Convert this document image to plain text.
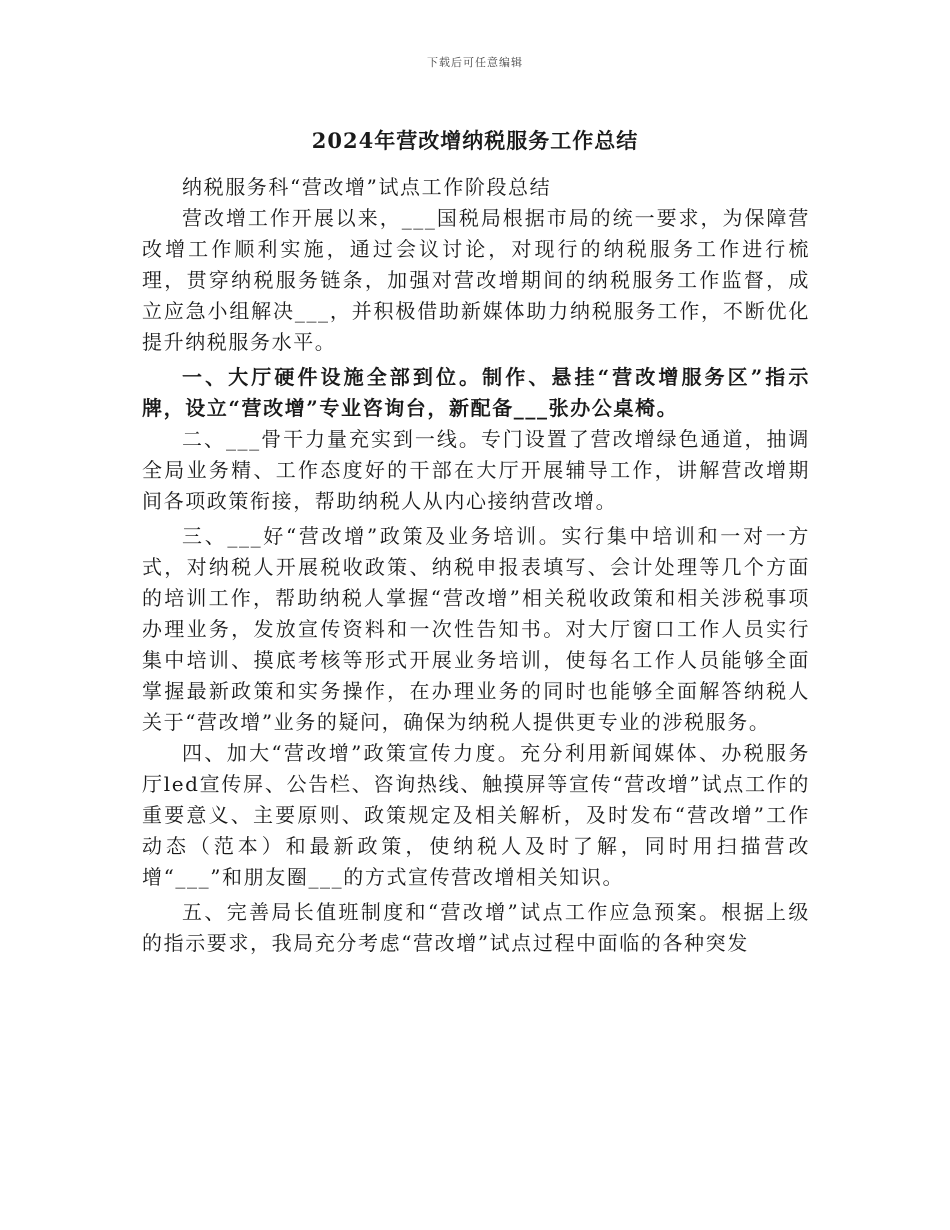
下载后可任意编辑
2024年营改增纳税服务工作总结

纳税服务科“营改增”试点工作阶段总结

营改增工作开展以来，___国税局根据市局的统一要求，为保障营改增工作顺利实施，通过会议讨论，对现行的纳税服务工作进行梳理，贯穿纳税服务链条，加强对营改增期间的纳税服务工作监督，成立应急小组解决___，并积极借助新媒体助力纳税服务工作，不断优化提升纳税服务水平。

一、大厅硬件设施全部到位。制作、悬挂“营改增服务区”指示牌，设立“营改增”专业咨询台，新配备___张办公桌椅。

二、___骨干力量充实到一线。专门设置了营改增绿色通道，抽调全局业务精、工作态度好的干部在大厅开展辅导工作，讲解营改增期间各项政策衔接，帮助纳税人从内心接纳营改增。

三、___好“营改增”政策及业务培训。实行集中培训和一对一方式，对纳税人开展税收政策、纳税申报表填写、会计处理等几个方面的培训工作，帮助纳税人掌握“营改增”相关税收政策和相关涉税事项办理业务，发放宣传资料和一次性告知书。对大厅窗口工作人员实行集中培训、摸底考核等形式开展业务培训，使每名工作人员能够全面掌握最新政策和实务操作，在办理业务的同时也能够全面解答纳税人关于“营改增”业务的疑问，确保为纳税人提供更专业的涉税服务。

四、加大“营改增”政策宣传力度。充分利用新闻媒体、办税服务厅led宣传屏、公告栏、咨询热线、触摸屏等宣传“营改增”试点工作的重要意义、主要原则、政策规定及相关解析，及时发布“营改增”工作动态（范本）和最新政策，使纳税人及时了解，同时用扫描营改增“___”和朋友圈___的方式宣传营改增相关知识。

五、完善局长值班制度和“营改增”试点工作应急预案。根据上级的指示要求，我局充分考虑“营改增”试点过程中面临的各种突发
